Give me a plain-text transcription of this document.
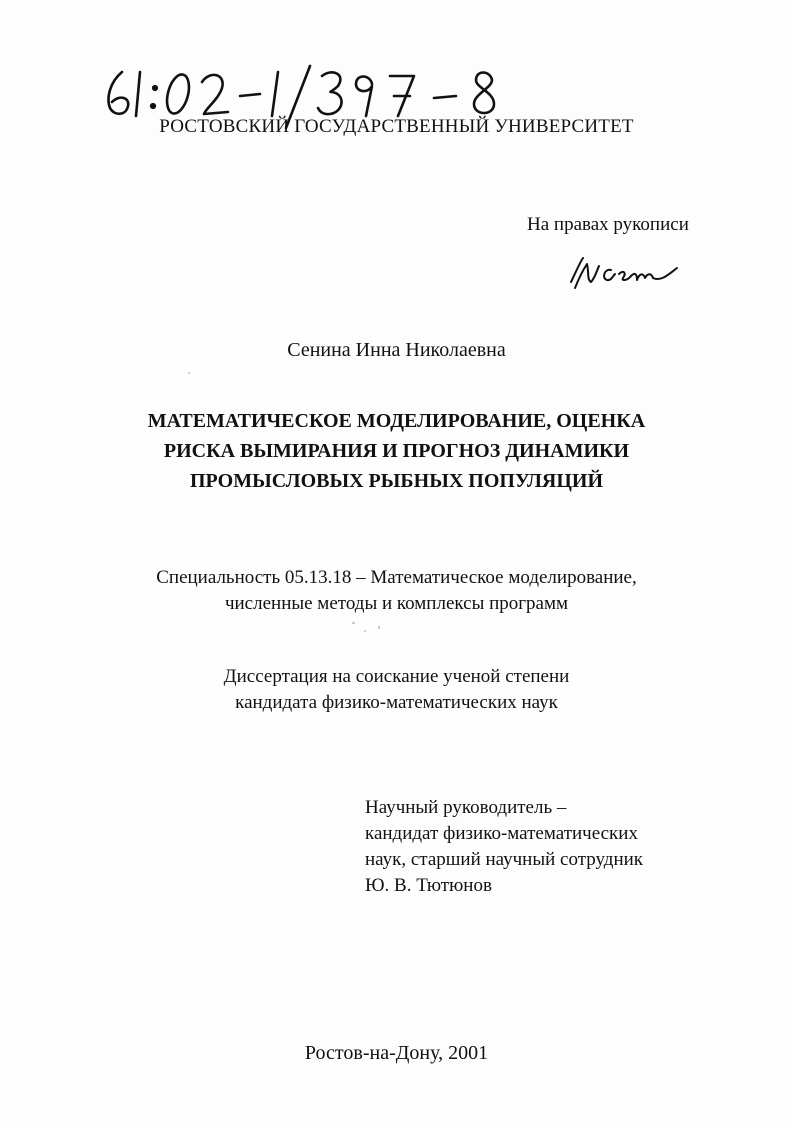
РОСТОВСКИЙ ГОСУДАРСТВЕННЫЙ УНИВЕРСИТЕТ
На правах рукописи
Сенина Инна Николаевна
МАТЕМАТИЧЕСКОЕ МОДЕЛИРОВАНИЕ, ОЦЕНКА
РИСКА ВЫМИРАНИЯ И ПРОГНОЗ ДИНАМИКИ
ПРОМЫСЛОВЫХ РЫБНЫХ ПОПУЛЯЦИЙ
Специальность 05.13.18 – Математическое моделирование,
численные методы и комплексы программ
Диссертация на соискание ученой степени
кандидата физико-математических наук
Научный руководитель –
кандидат физико-математических
наук, старший научный сотрудник
Ю. В. Тютюнов
Ростов-на-Дону, 2001
